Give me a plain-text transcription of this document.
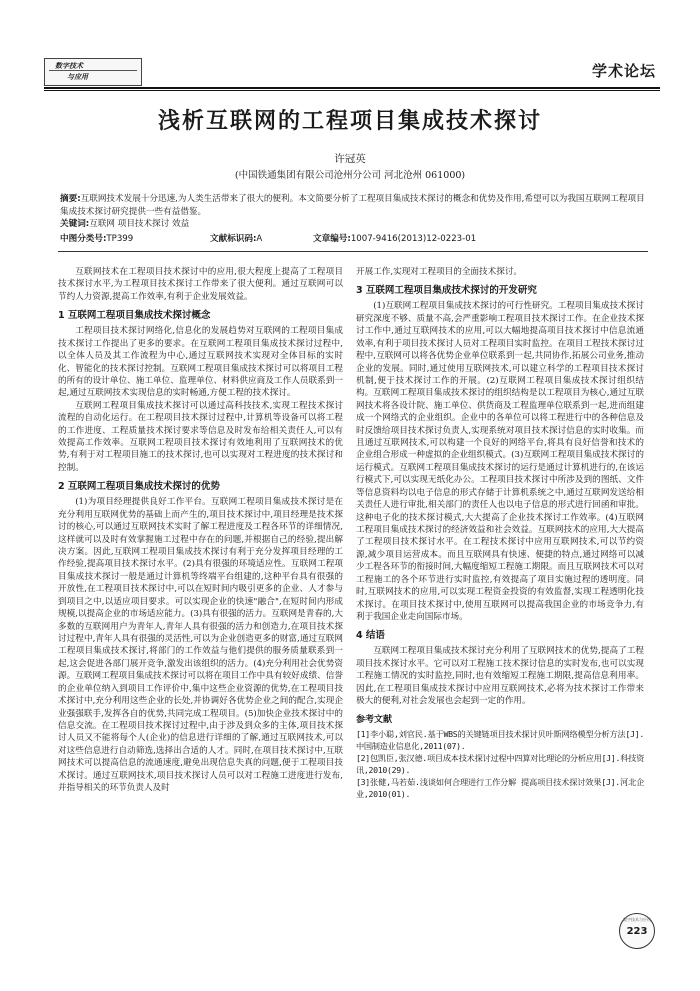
数字技术
与应用	学术论坛
浅析互联网的工程项目集成技术探讨
许冠英
(中国铁通集团有限公司沧州分公司 河北沧州 061000)
摘要:互联网技术发展十分迅速,为人类生活带来了很大的便利。本文简要分析了工程项目集成技术探讨的概念和优势及作用,希望可以为我国互联网工程项目集成技术探讨研究提供一些有益借鉴。
关键词:互联网 项目技术探讨 效益
中图分类号:TP399	文献标识码:A	文章编号:1007-9416(2013)12-0223-01

互联网技术在工程项目技术探讨中的应用,很大程度上提高了工程项目技术探讨水平,为工程项目技术探讨工作带来了很大便利。通过互联网可以节约人力资源,提高工作效率,有利于企业发展效益。

1 互联网工程项目集成技术探讨概念

工程项目技术探讨网络化,信息化的发展趋势对互联网的工程项目集成技术探讨工作提出了更多的要求。在互联网工程项目集成技术探讨过程中,以全体人员及其工作流程为中心,通过互联网技术实现对全体目标的实时化、智能化的技术探讨控制。互联网工程项目集成技术探讨可以将项目工程的所有的设计单位、施工单位、监理单位、材料供应商及工作人员联系到一起,通过互联网技术实现信息的实时畅通,方便工程的技术探讨。

互联网工程项目集成技术探讨可以通过高科技技术,实现工程技术探讨流程的自动化运行。在工程项目技术探讨过程中,计算机等设备可以将工程的工作进度、工程质量技术探讨要求等信息及时发布给相关责任人,可以有效提高工作效率。互联网工程项目技术探讨有效地利用了互联网技术的优势,有利于对工程项目施工的技术探讨,也可以实现对工程进度的技术探讨和控制。

2 互联网工程项目集成技术探讨的优势

(1)为项目经理提供良好工作平台。互联网工程项目集成技术探讨是在充分利用互联网优势的基础上而产生的,项目技术探讨中,项目经理是技术探讨的核心,可以通过互联网技术实时了解工程进度及工程各环节的详细情况,这样就可以及时有效掌握施工过程中存在的问题,并根据自己的经验,提出解决方案。因此,互联网工程项目集成技术探讨有利于充分发挥项目经理的工作经验,提高项目技术探讨水平。(2)具有很强的环境适应性。互联网工程项目集成技术探讨一般是通过计算机等终端平台组建的,这种平台具有很强的开放性,在工程项目技术探讨中,可以在短时间内吸引更多的企业、人才参与到项目之中,以适应项目要求。可以实现企业的快速"融合",在短时间内形成规模,以提高企业的市场适应能力。(3)具有很强的活力。互联网是青春的,大多数的互联网用户为青年人,青年人具有很强的活力和创造力,在项目技术探讨过程中,青年人具有很强的灵活性,可以为企业创造更多的财富,通过互联网工程项目集成技术探讨,将部门的工作效益与他们提供的服务质量联系到一起,这会促进各部门展开竞争,激发出该组织的活力。(4)充分利用社会优势资源。互联网工程项目集成技术探讨可以将在项目工作中具有较好成绩、信誉的企业单位纳入到项目工作评价中,集中这些企业资源的优势,在工程项目技术探讨中,充分利用这些企业的长处,并协调好各优势企业之间的配合,实现企业强强联手,发挥各自的优势,共同完成工程项目。(5)加快企业技术探讨中的信息交流。在工程项目技术探讨过程中,由于涉及到众多的主体,项目技术探讨人员又不能将每个人(企业)的信息进行详细的了解,通过互联网技术,可以对这些信息进行自动筛选,选择出合适的人才。同时,在项目技术探讨中,互联网技术可以提高信息的流通速度,避免出现信息失真的问题,便于工程项目技术探讨。通过互联网技术,项目技术探讨人员可以对工程施工进度进行发布,并指导相关的环节负责人及时

开展工作,实现对工程项目的全面技术探讨。

3 互联网工程项目集成技术探讨的开发研究

(1)互联网工程项目集成技术探讨的可行性研究。工程项目集成技术探讨研究深度不够、质量不高,会严重影响工程项目技术探讨工作。在企业技术探讨工作中,通过互联网技术的应用,可以大幅地提高项目技术探讨中信息流通效率,有利于项目技术探讨人员对工程项目实时监控。在项目工程技术探讨过程中,互联网可以将各优势企业单位联系到一起,共同协作,拓展公司业务,推动企业的发展。同时,通过使用互联网技术,可以建立科学的工程项目技术探讨机制,便于技术探讨工作的开展。(2)互联网工程项目集成技术探讨组织结构。互联网工程项目集成技术探讨的组织结构是以工程项目为核心,通过互联网技术将各设计院、施工单位、供货商及工程监理单位联系到一起,进而组建成一个网络式的企业组织。企业中的各单位可以将工程进行中的各种信息及时反馈给项目技术探讨负责人,实现系统对项目技术探讨信息的实时收集。而且通过互联网技术,可以构建一个良好的网络平台,将具有良好信誉和技术的企业组合形成一种虚拟的企业组织模式。(3)互联网工程项目集成技术探讨的运行模式。互联网工程项目集成技术探讨的运行是通过计算机进行的,在该运行模式下,可以实现无纸化办公。工程项目技术探讨中所涉及到的图纸、文件等信息资料均以电子信息的形式存储于计算机系统之中,通过互联网发送给相关责任人进行审批,相关部门的责任人也以电子信息的形式进行回函和审批。这种电子化的技术探讨模式,大大提高了企业技术探讨工作效率。(4)互联网工程项目集成技术探讨的经济效益和社会效益。互联网技术的应用,大大提高了工程项目技术探讨水平。在工程技术探讨中应用互联网技术,可以节约资源,减少项目运营成本。而且互联网具有快速、便捷的特点,通过网络可以减少工程各环节的衔接时间,大幅度缩短工程施工期限。而且互联网技术可以对工程施工的各个环节进行实时监控,有效提高了项目实施过程的透明度。同时,互联网技术的应用,可以实现工程资金投资的有效监督,实现工程透明化技术探讨。在项目技术探讨中,使用互联网可以提高我国企业的市场竞争力,有利于我国企业走向国际市场。

4 结语

互联网工程项目集成技术探讨充分利用了互联网技术的优势,提高了工程项目技术探讨水平。它可以对工程施工技术探讨信息的实时发布,也可以实现工程施工情况的实时监控,同时,也有效缩短工程施工期限,提高信息利用率。因此,在工程项目集成技术探讨中应用互联网技术,必将为技术探讨工作带来极大的便利,对社会发展也会起到一定的作用。

参考文献

[1]李小聪,刘官民.基于WBS的关键链项目技术探讨贝叶斯网络模型分析方法[J].中国制造业信息化,2011(07).

[2]包凯臣,张汉德.项目成本技术探讨过程中四算对比理论的分析应用[J].科技资讯,2010(29).

[3]张健,马若茹.浅谈如何合理进行工作分解 提高项目技术探讨效果[J].河北企业,2010(01).

数字技术与应用
223
